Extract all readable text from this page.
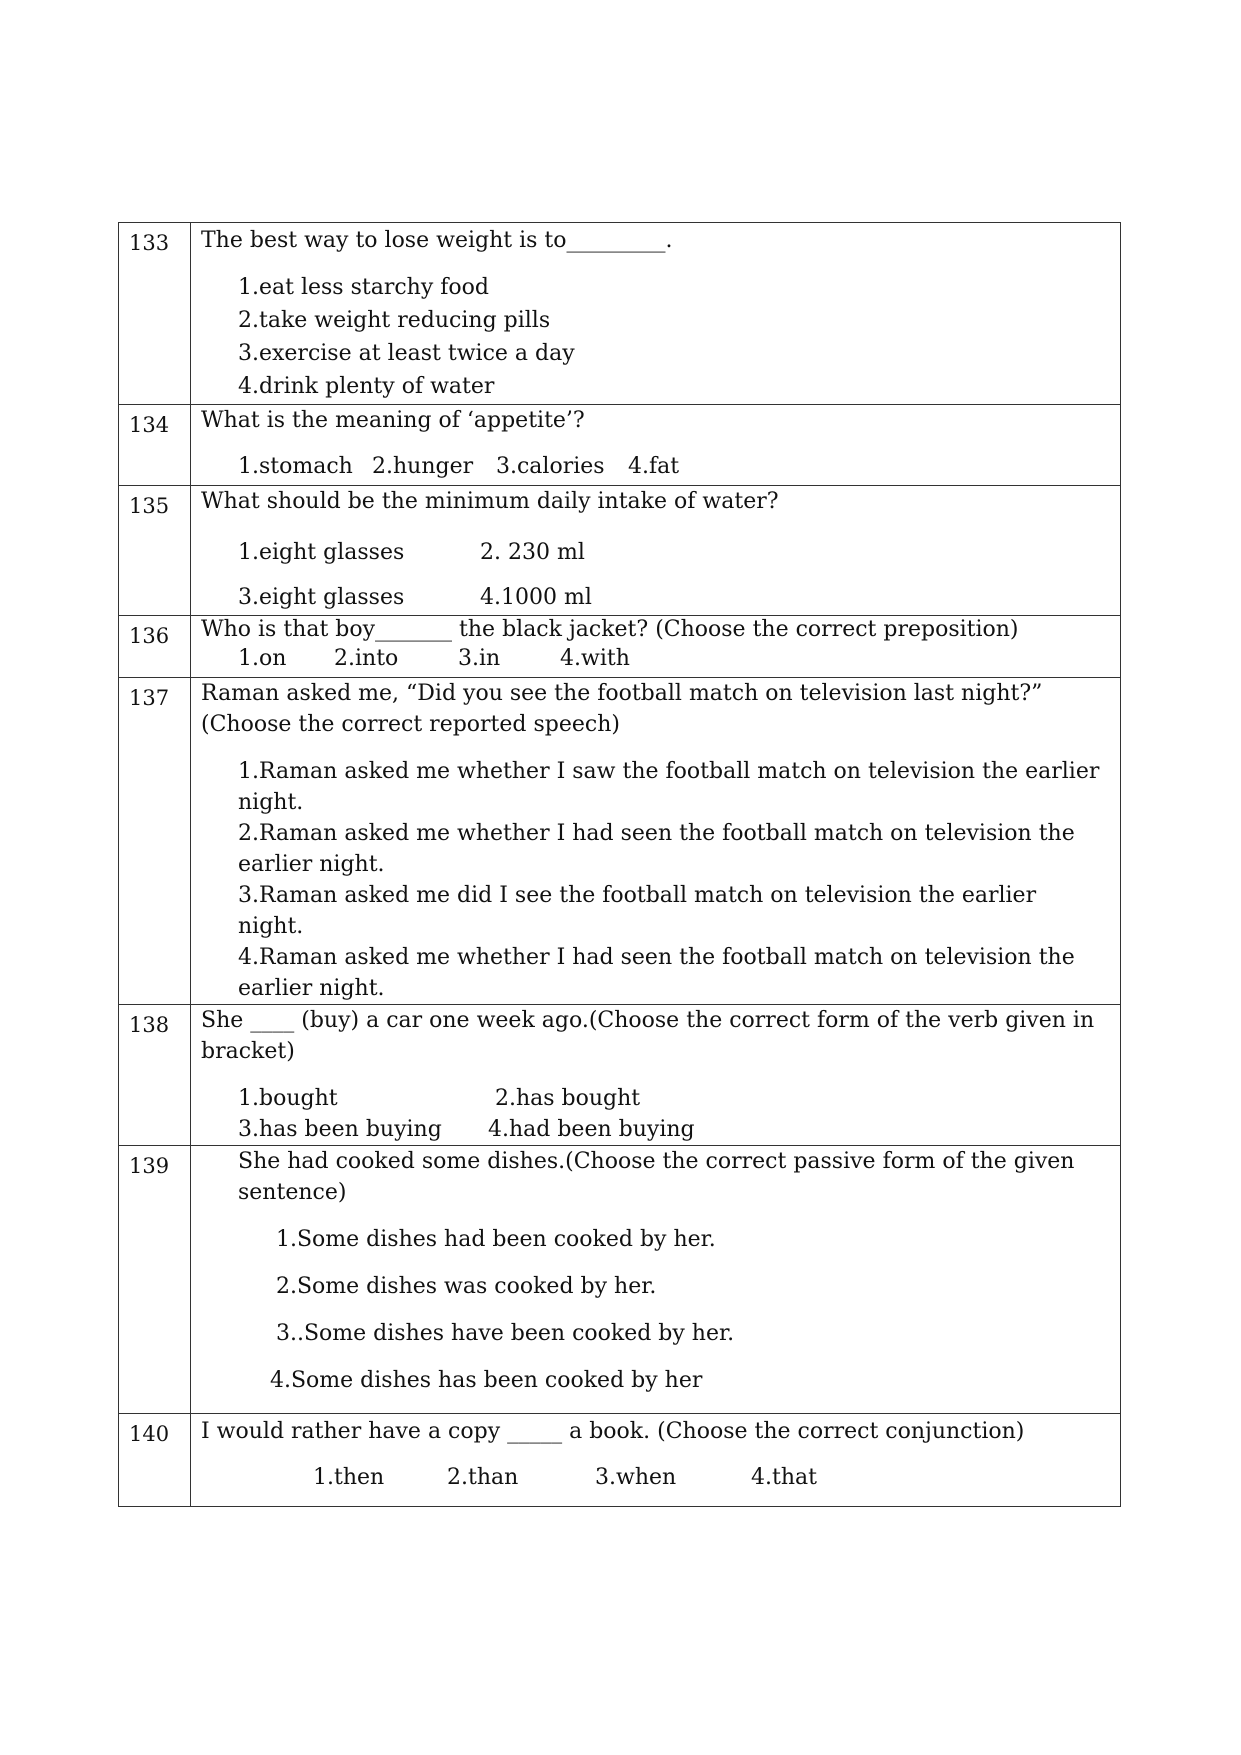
133	The best way to lose weight is to_________.
1.eat less starchy food
2.take weight reducing pills
3.exercise at least twice a day
4.drink plenty of water

134	What is the meaning of ‘appetite’?
1.stomach 2.hunger 3.calories 4.fat

135	What should be the minimum daily intake of water?
1.eight glasses 2. 230 ml
3.eight glasses 4.1000 ml

136	Who is that boy_______ the black jacket? (Choose the correct preposition)
1.on 2.into 3.in 4.with

137	Raman asked me, “Did you see the football match on television last night?” (Choose the correct reported speech)
1.Raman asked me whether I saw the football match on television the earlier night.
2.Raman asked me whether I had seen the football match on television the earlier night.
3.Raman asked me did I see the football match on television the earlier night.
4.Raman asked me whether I had seen the football match on television the earlier night.

138	She ____ (buy) a car one week ago.(Choose the correct form of the verb given in bracket)
1.bought 2.has bought
3.has been buying 4.had been buying

139	She had cooked some dishes.(Choose the correct passive form of the given sentence)
1.Some dishes had been cooked by her.
2.Some dishes was cooked by her.
3..Some dishes have been cooked by her.
4.Some dishes has been cooked by her

140	I would rather have a copy _____ a book. (Choose the correct conjunction)
1.then 2.than 3.when 4.that
